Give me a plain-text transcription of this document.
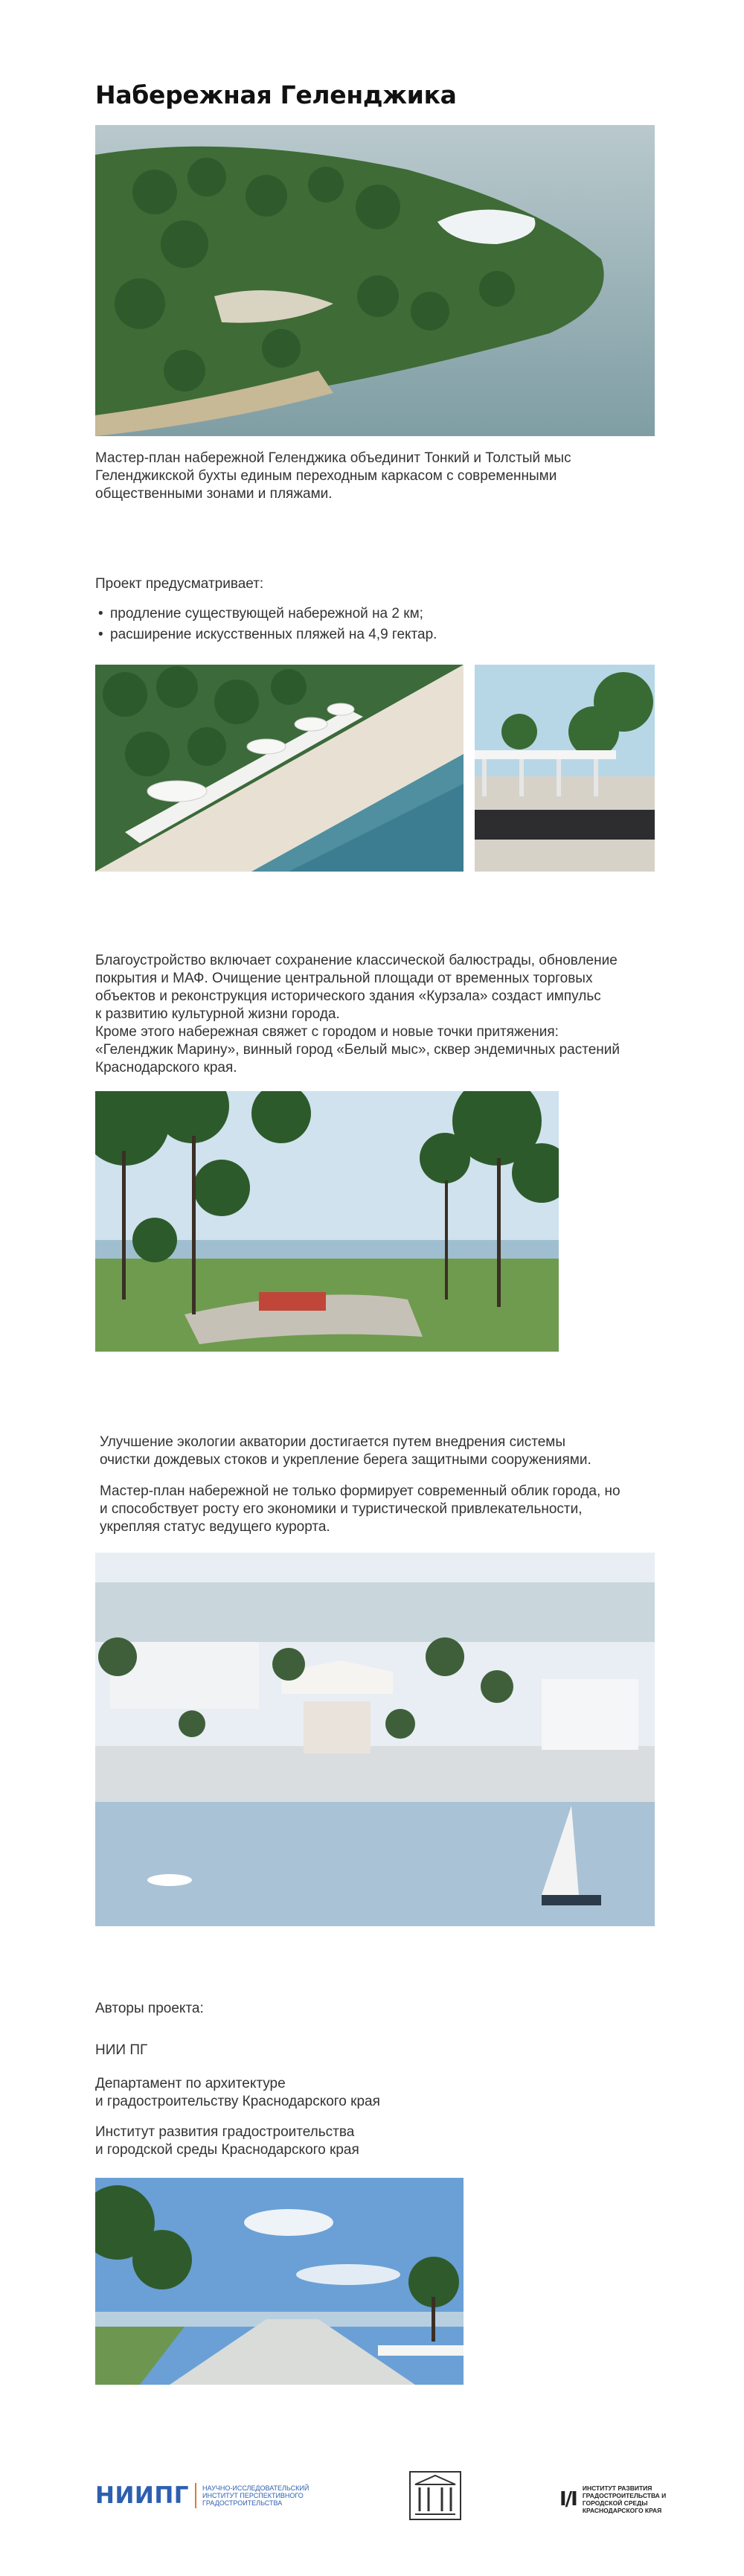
Набережная Геленджика
Мастер-план набережной Геленджика объединит Тонкий и Толстый мыс
Геленджикской бухты единым переходным каркасом с современными
общественными зонами и пляжами.
Проект предусматривает:
• продление существующей набережной на 2 км;
• расширение искусственных пляжей на 4,9 гектар.
Благоустройство включает сохранение классической балюстрады, обновление
покрытия и МАФ. Очищение центральной площади от временных торговых
объектов и реконструкция исторического здания «Курзала» создаст импульс
к развитию культурной жизни города.
Кроме этого набережная свяжет с городом и новые точки притяжения:
«Геленджик Марину», винный город «Белый мыс», сквер эндемичных растений
Краснодарского края.
Улучшение экологии акватории достигается путем внедрения системы
очистки дождевых стоков и укрепление берега защитными сооружениями.
Мастер-план набережной не только формирует современный облик города, но
и способствует росту его экономики и туристической привлекательности,
укрепляя статус ведущего курорта.
Авторы проекта:
НИИ ПГ
Департамент по архитектуре
и градостроительству Краснодарского края
Институт развития градостроительства
и городской среды Краснодарского края
НИИПГ НАУЧНО-ИССЛЕДОВАТЕЛЬСКИЙ ИНСТИТУТ ПЕРСПЕКТИВНОГО ГРАДОСТРОИТЕЛЬСТВА	I/I ИНСТИТУТ РАЗВИТИЯ ГРАДОСТРОИТЕЛЬСТВА И ГОРОДСКОЙ СРЕДЫ КРАСНОДАРСКОГО КРАЯ
